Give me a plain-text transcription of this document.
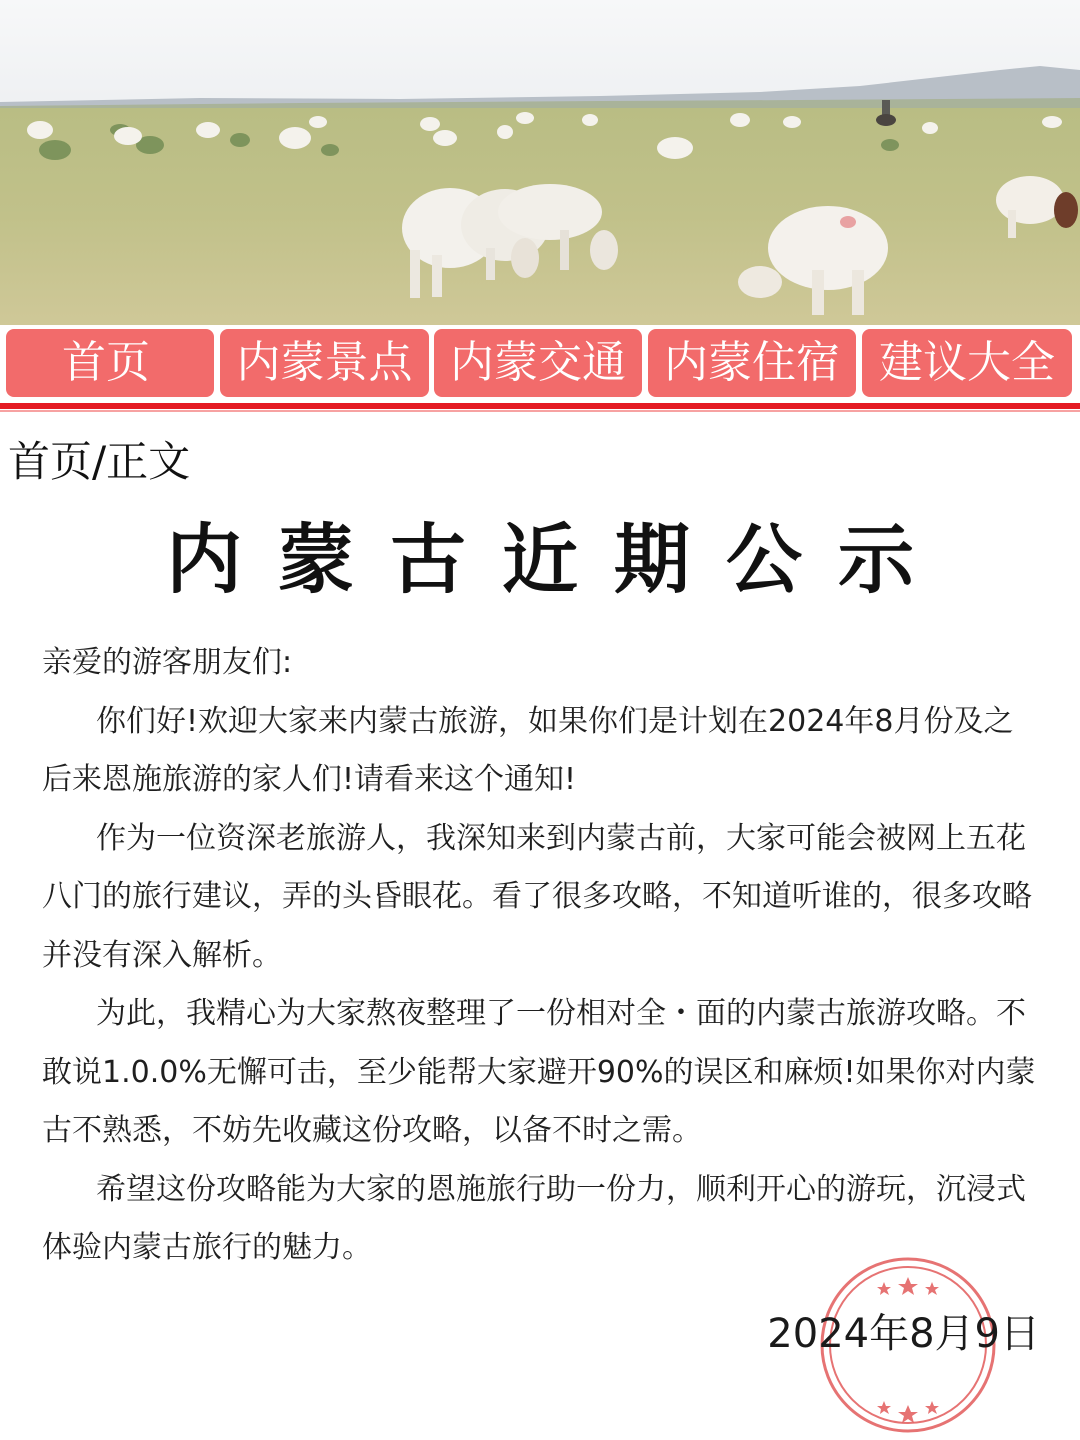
首页	内蒙景点 内蒙交通 内蒙住宿 建议大全
首页/正文
内蒙古近期公示

亲爱的游客朋友们:

你们好!欢迎大家来内蒙古旅游，如果你们是计划在2024年8月份及之后来恩施旅游的家人们!请看来这个通知!

作为一位资深老旅游人，我深知来到内蒙古前，大家可能会被网上五花八门的旅行建议，弄的头昏眼花。看了很多攻略，不知道听谁的，很多攻略并没有深入解析。

为此，我精心为大家熬夜整理了一份相对全・面的内蒙古旅游攻略。不敢说1.0.0%无懈可击，至少能帮大家避开90%的误区和麻烦!如果你对内蒙古不熟悉，不妨先收藏这份攻略，以备不时之需。

希望这份攻略能为大家的恩施旅行助一份力，顺利开心的游玩，沉浸式体验内蒙古旅行的魅力。

2024年8月9日
